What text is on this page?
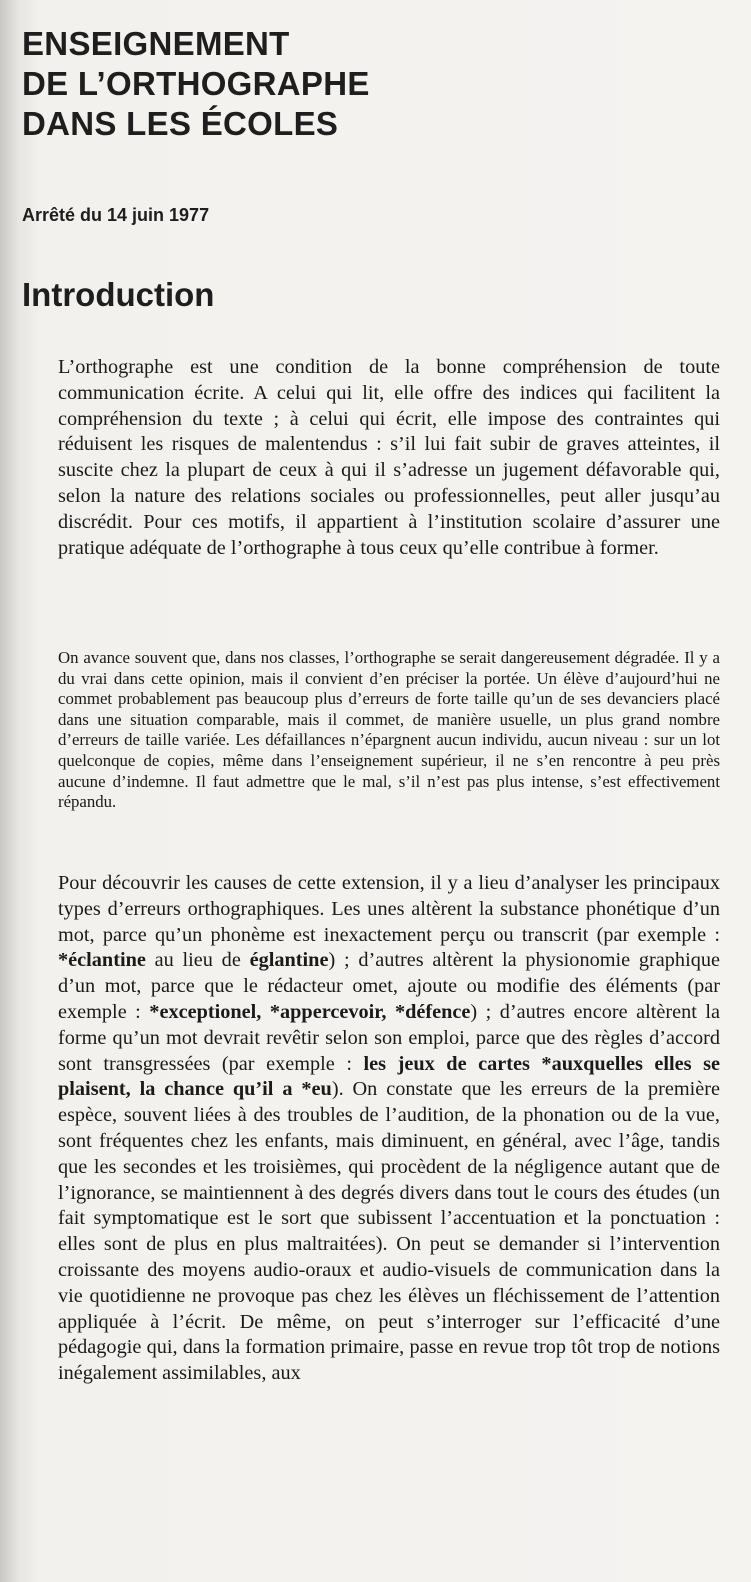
ENSEIGNEMENT
DE L’ORTHOGRAPHE
DANS LES ÉCOLES
Arrêté du 14 juin 1977
Introduction

L’orthographe est une condition de la bonne compréhension de toute communication écrite. A celui qui lit, elle offre des indices qui facilitent la compréhension du texte ; à celui qui écrit, elle impose des contraintes qui réduisent les risques de malentendus : s’il lui fait subir de graves atteintes, il suscite chez la plupart de ceux à qui il s’adresse un jugement défavorable qui, selon la nature des relations sociales ou professionnelles, peut aller jusqu’au discrédit. Pour ces motifs, il appartient à l’institution scolaire d’assurer une pratique adéquate de l’orthographe à tous ceux qu’elle contribue à former.

On avance souvent que, dans nos classes, l’orthographe se serait dangereusement dégradée. Il y a du vrai dans cette opinion, mais il convient d’en préciser la portée. Un élève d’aujourd’hui ne commet probablement pas beaucoup plus d’erreurs de forte taille qu’un de ses devanciers placé dans une situation comparable, mais il commet, de manière usuelle, un plus grand nombre d’erreurs de taille variée. Les défaillances n’épargnent aucun individu, aucun niveau : sur un lot quelconque de copies, même dans l’enseignement supérieur, il ne s’en rencontre à peu près aucune d’indemne. Il faut admettre que le mal, s’il n’est pas plus intense, s’est effectivement répandu.

Pour découvrir les causes de cette extension, il y a lieu d’analyser les principaux types d’erreurs orthographiques. Les unes altèrent la substance phonétique d’un mot, parce qu’un phonème est inexactement perçu ou transcrit (par exemple : *éclantine au lieu de églantine) ; d’autres altèrent la physionomie graphique d’un mot, parce que le rédacteur omet, ajoute ou modifie des éléments (par exemple : *exceptionel, *appercevoir, *défence) ; d’autres encore altèrent la forme qu’un mot devrait revêtir selon son emploi, parce que des règles d’accord sont transgressées (par exemple : les jeux de cartes *auxquelles elles se plaisent, la chance qu’il a *eu). On constate que les erreurs de la première espèce, souvent liées à des troubles de l’audition, de la phonation ou de la vue, sont fréquentes chez les enfants, mais diminuent, en général, avec l’âge, tandis que les secondes et les troisièmes, qui procèdent de la négligence autant que de l’ignorance, se maintiennent à des degrés divers dans tout le cours des études (un fait symptomatique est le sort que subissent l’accentuation et la ponctuation : elles sont de plus en plus maltraitées). On peut se demander si l’intervention croissante des moyens audio-oraux et audio-visuels de communication dans la vie quotidienne ne provoque pas chez les élèves un fléchissement de l’attention appliquée à l’écrit. De même, on peut s’interroger sur l’efficacité d’une pédagogie qui, dans la formation primaire, passe en revue trop tôt trop de notions inégalement assimilables, aux
